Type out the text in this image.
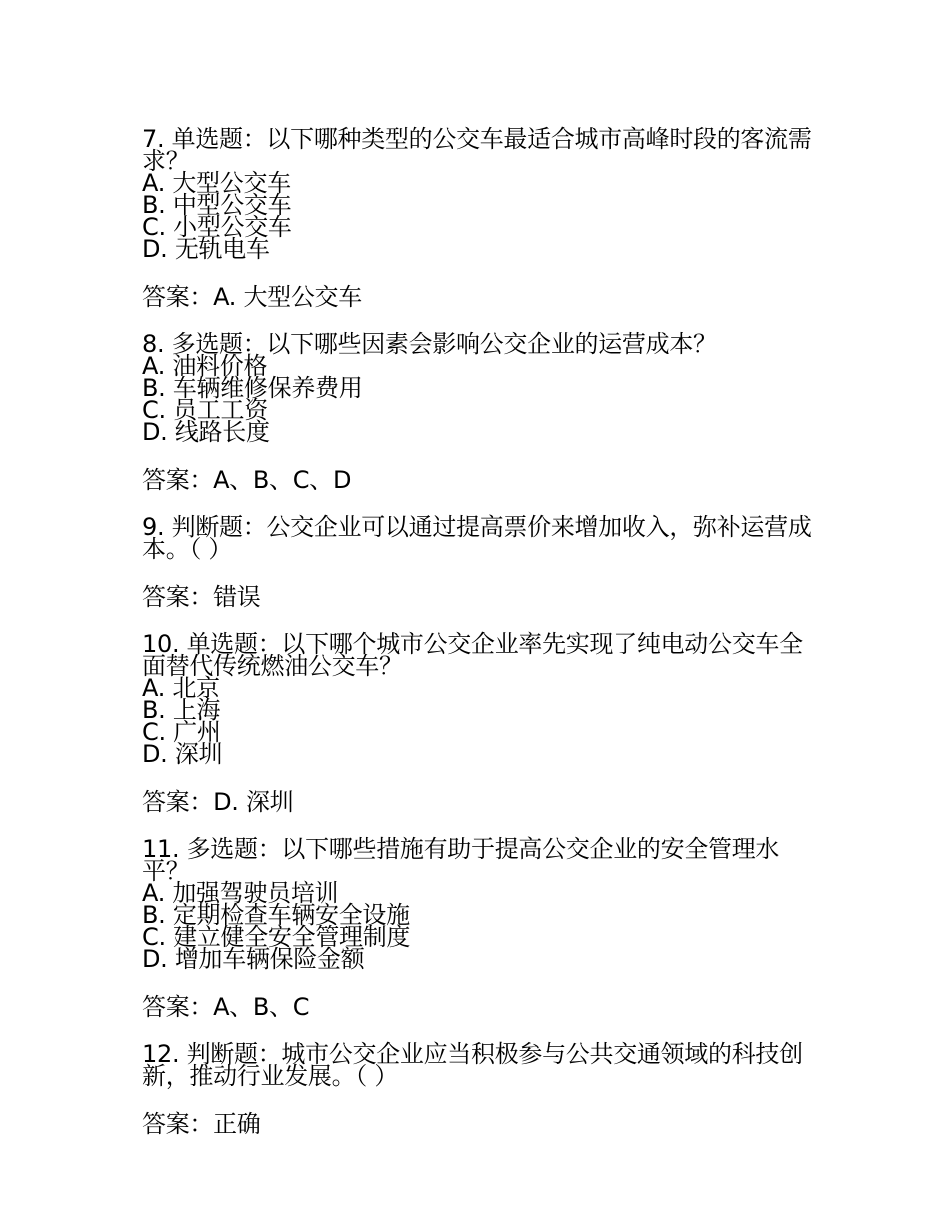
7. 单选题：以下哪种类型的公交车最适合城市高峰时段的客流需求？
A. 大型公交车
B. 中型公交车
C. 小型公交车
D. 无轨电车
答案：A. 大型公交车
8. 多选题：以下哪些因素会影响公交企业的运营成本？
A. 油料价格
B. 车辆维修保养费用
C. 员工工资
D. 线路长度
答案：A、B、C、D
9. 判断题：公交企业可以通过提高票价来增加收入，弥补运营成本。（ ）
答案：错误
10. 单选题：以下哪个城市公交企业率先实现了纯电动公交车全面替代传统燃油公交车？
A. 北京
B. 上海
C. 广州
D. 深圳
答案：D. 深圳
11. 多选题：以下哪些措施有助于提高公交企业的安全管理水平？
A. 加强驾驶员培训
B. 定期检查车辆安全设施
C. 建立健全安全管理制度
D. 增加车辆保险金额
答案：A、B、C
12. 判断题：城市公交企业应当积极参与公共交通领域的科技创新，推动行业发展。（ ）
答案：正确
